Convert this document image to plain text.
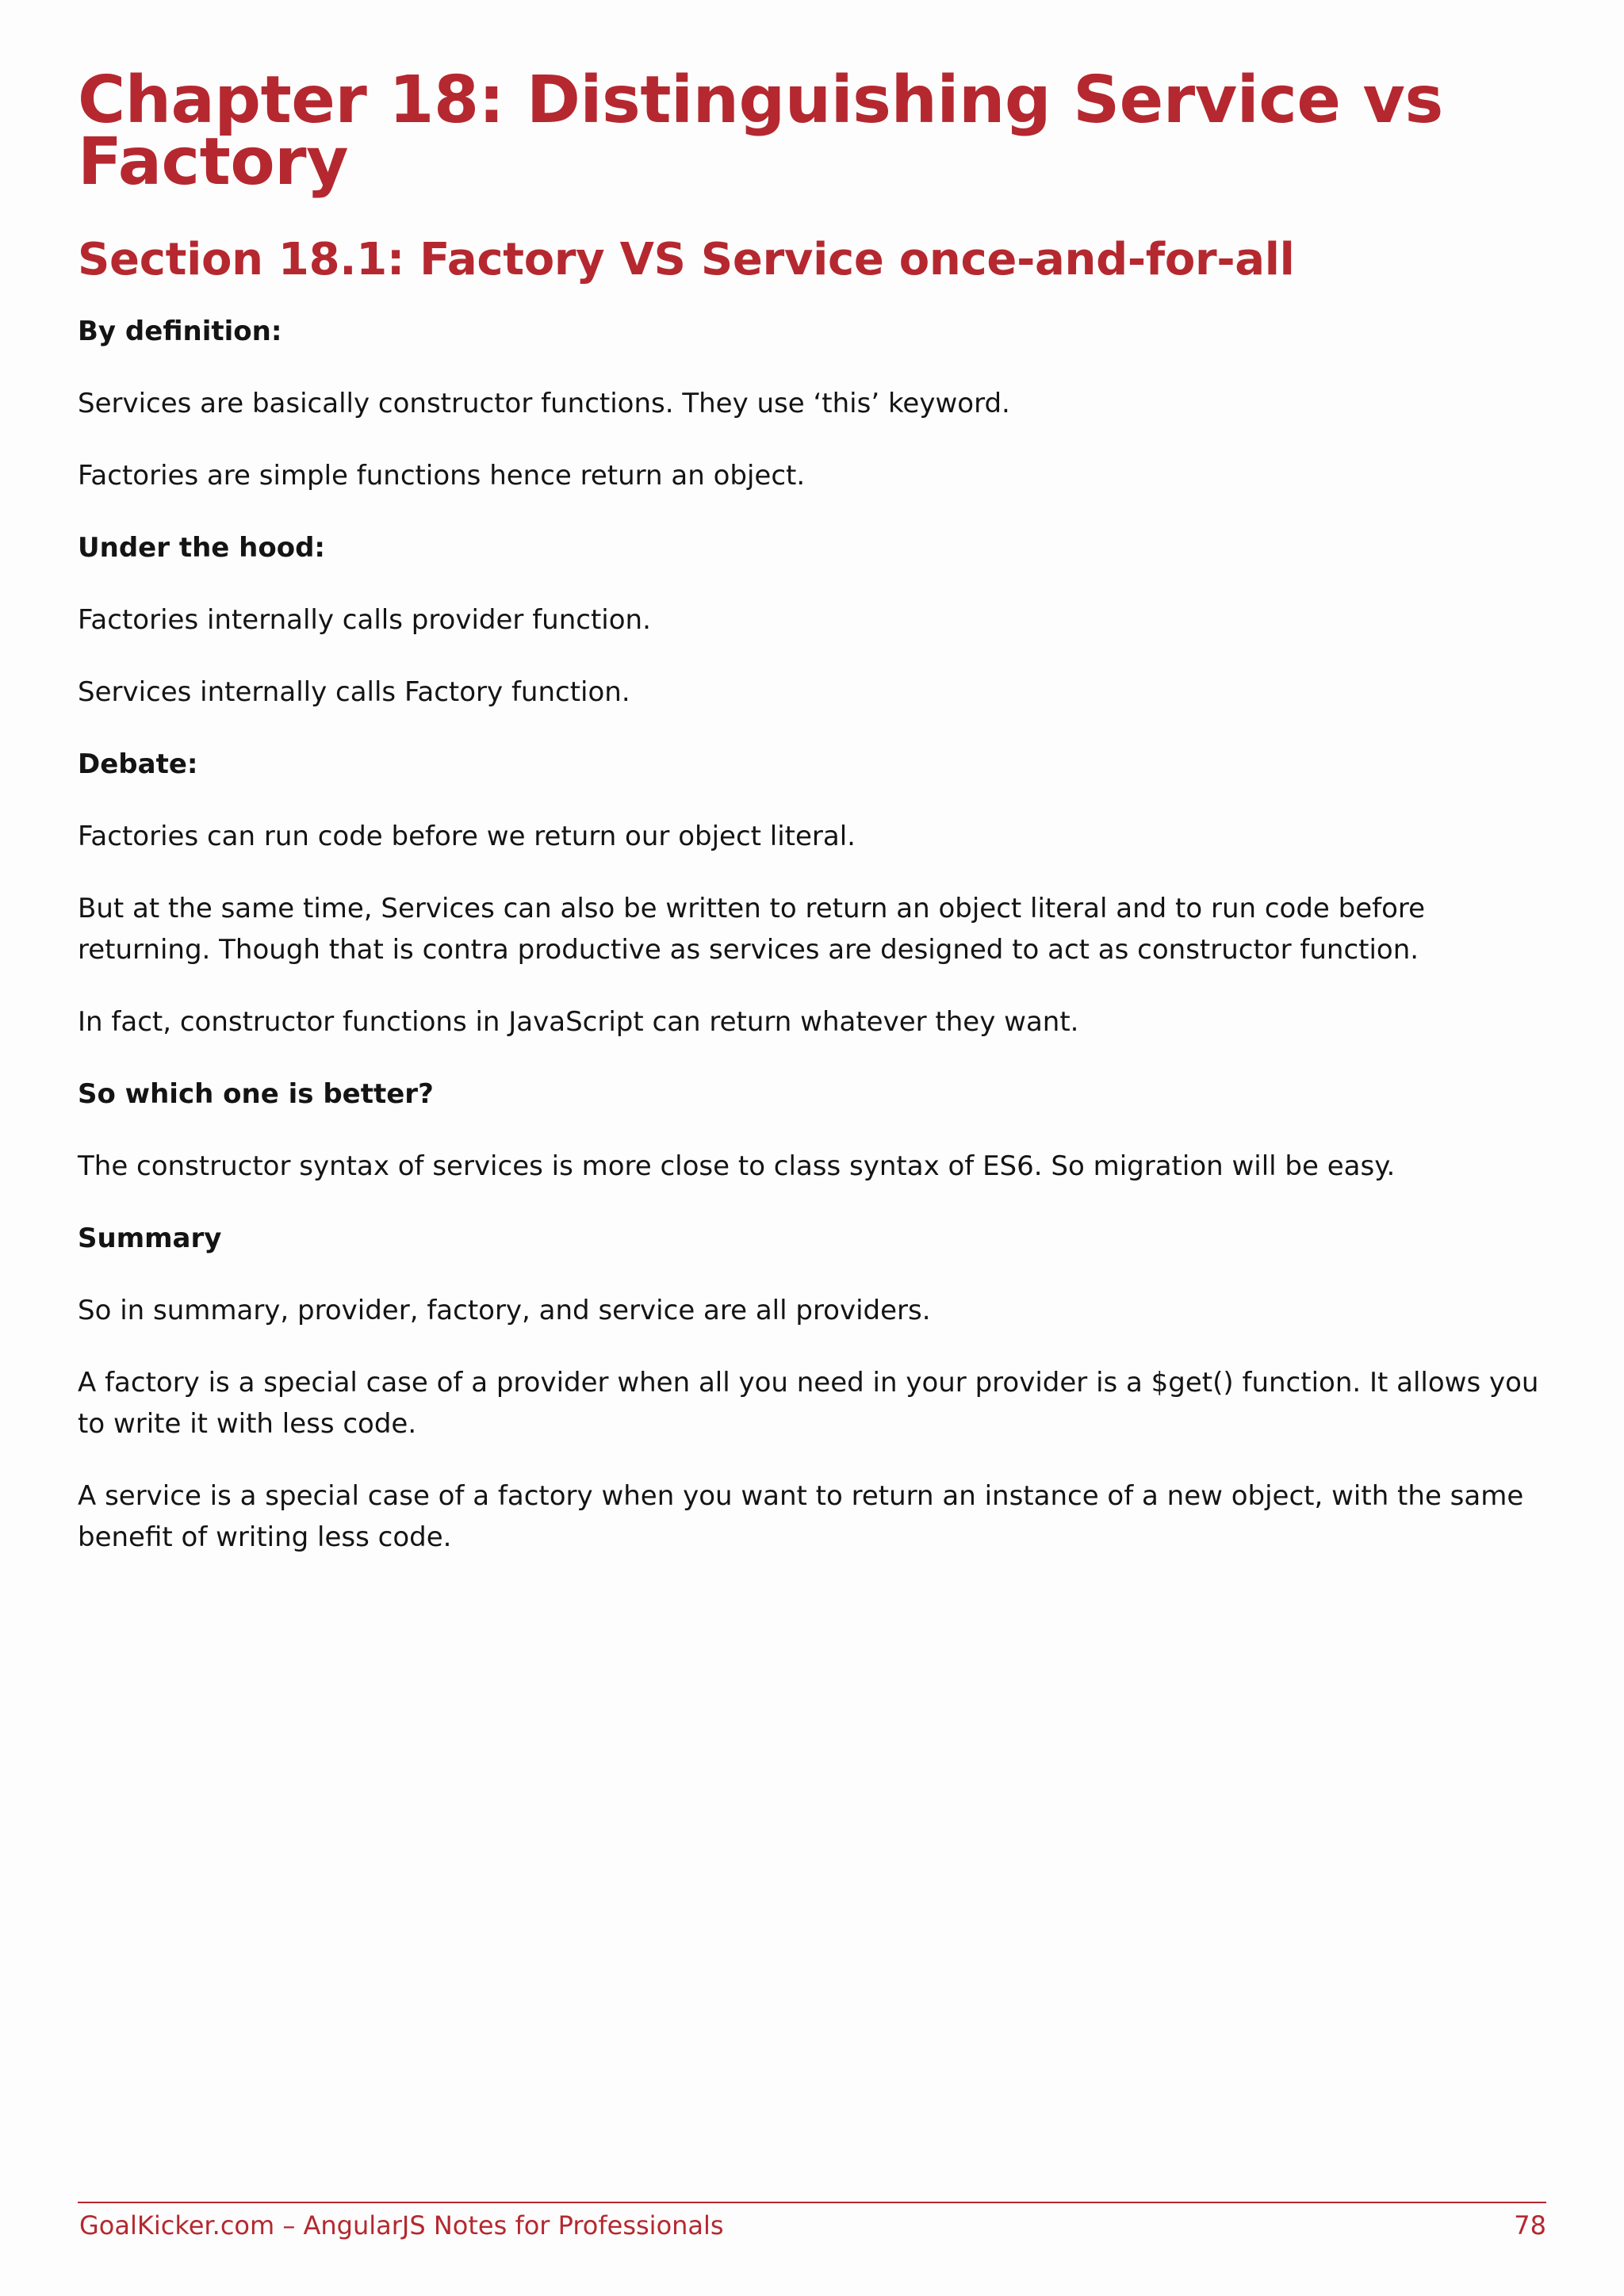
Chapter 18: Distinguishing Service vs Factory
Section 18.1: Factory VS Service once-and-for-all

By definition:

Services are basically constructor functions. They use ‘this’ keyword.

Factories are simple functions hence return an object.

Under the hood:

Factories internally calls provider function.

Services internally calls Factory function.

Debate:

Factories can run code before we return our object literal.

But at the same time, Services can also be written to return an object literal and to run code before returning. Though that is contra productive as services are designed to act as constructor function.

In fact, constructor functions in JavaScript can return whatever they want.

So which one is better?

The constructor syntax of services is more close to class syntax of ES6. So migration will be easy.

Summary

So in summary, provider, factory, and service are all providers.

A factory is a special case of a provider when all you need in your provider is a $get() function. It allows you to write it with less code.

A service is a special case of a factory when you want to return an instance of a new object, with the same benefit of writing less code.

GoalKicker.com – AngularJS Notes for Professionals	78
